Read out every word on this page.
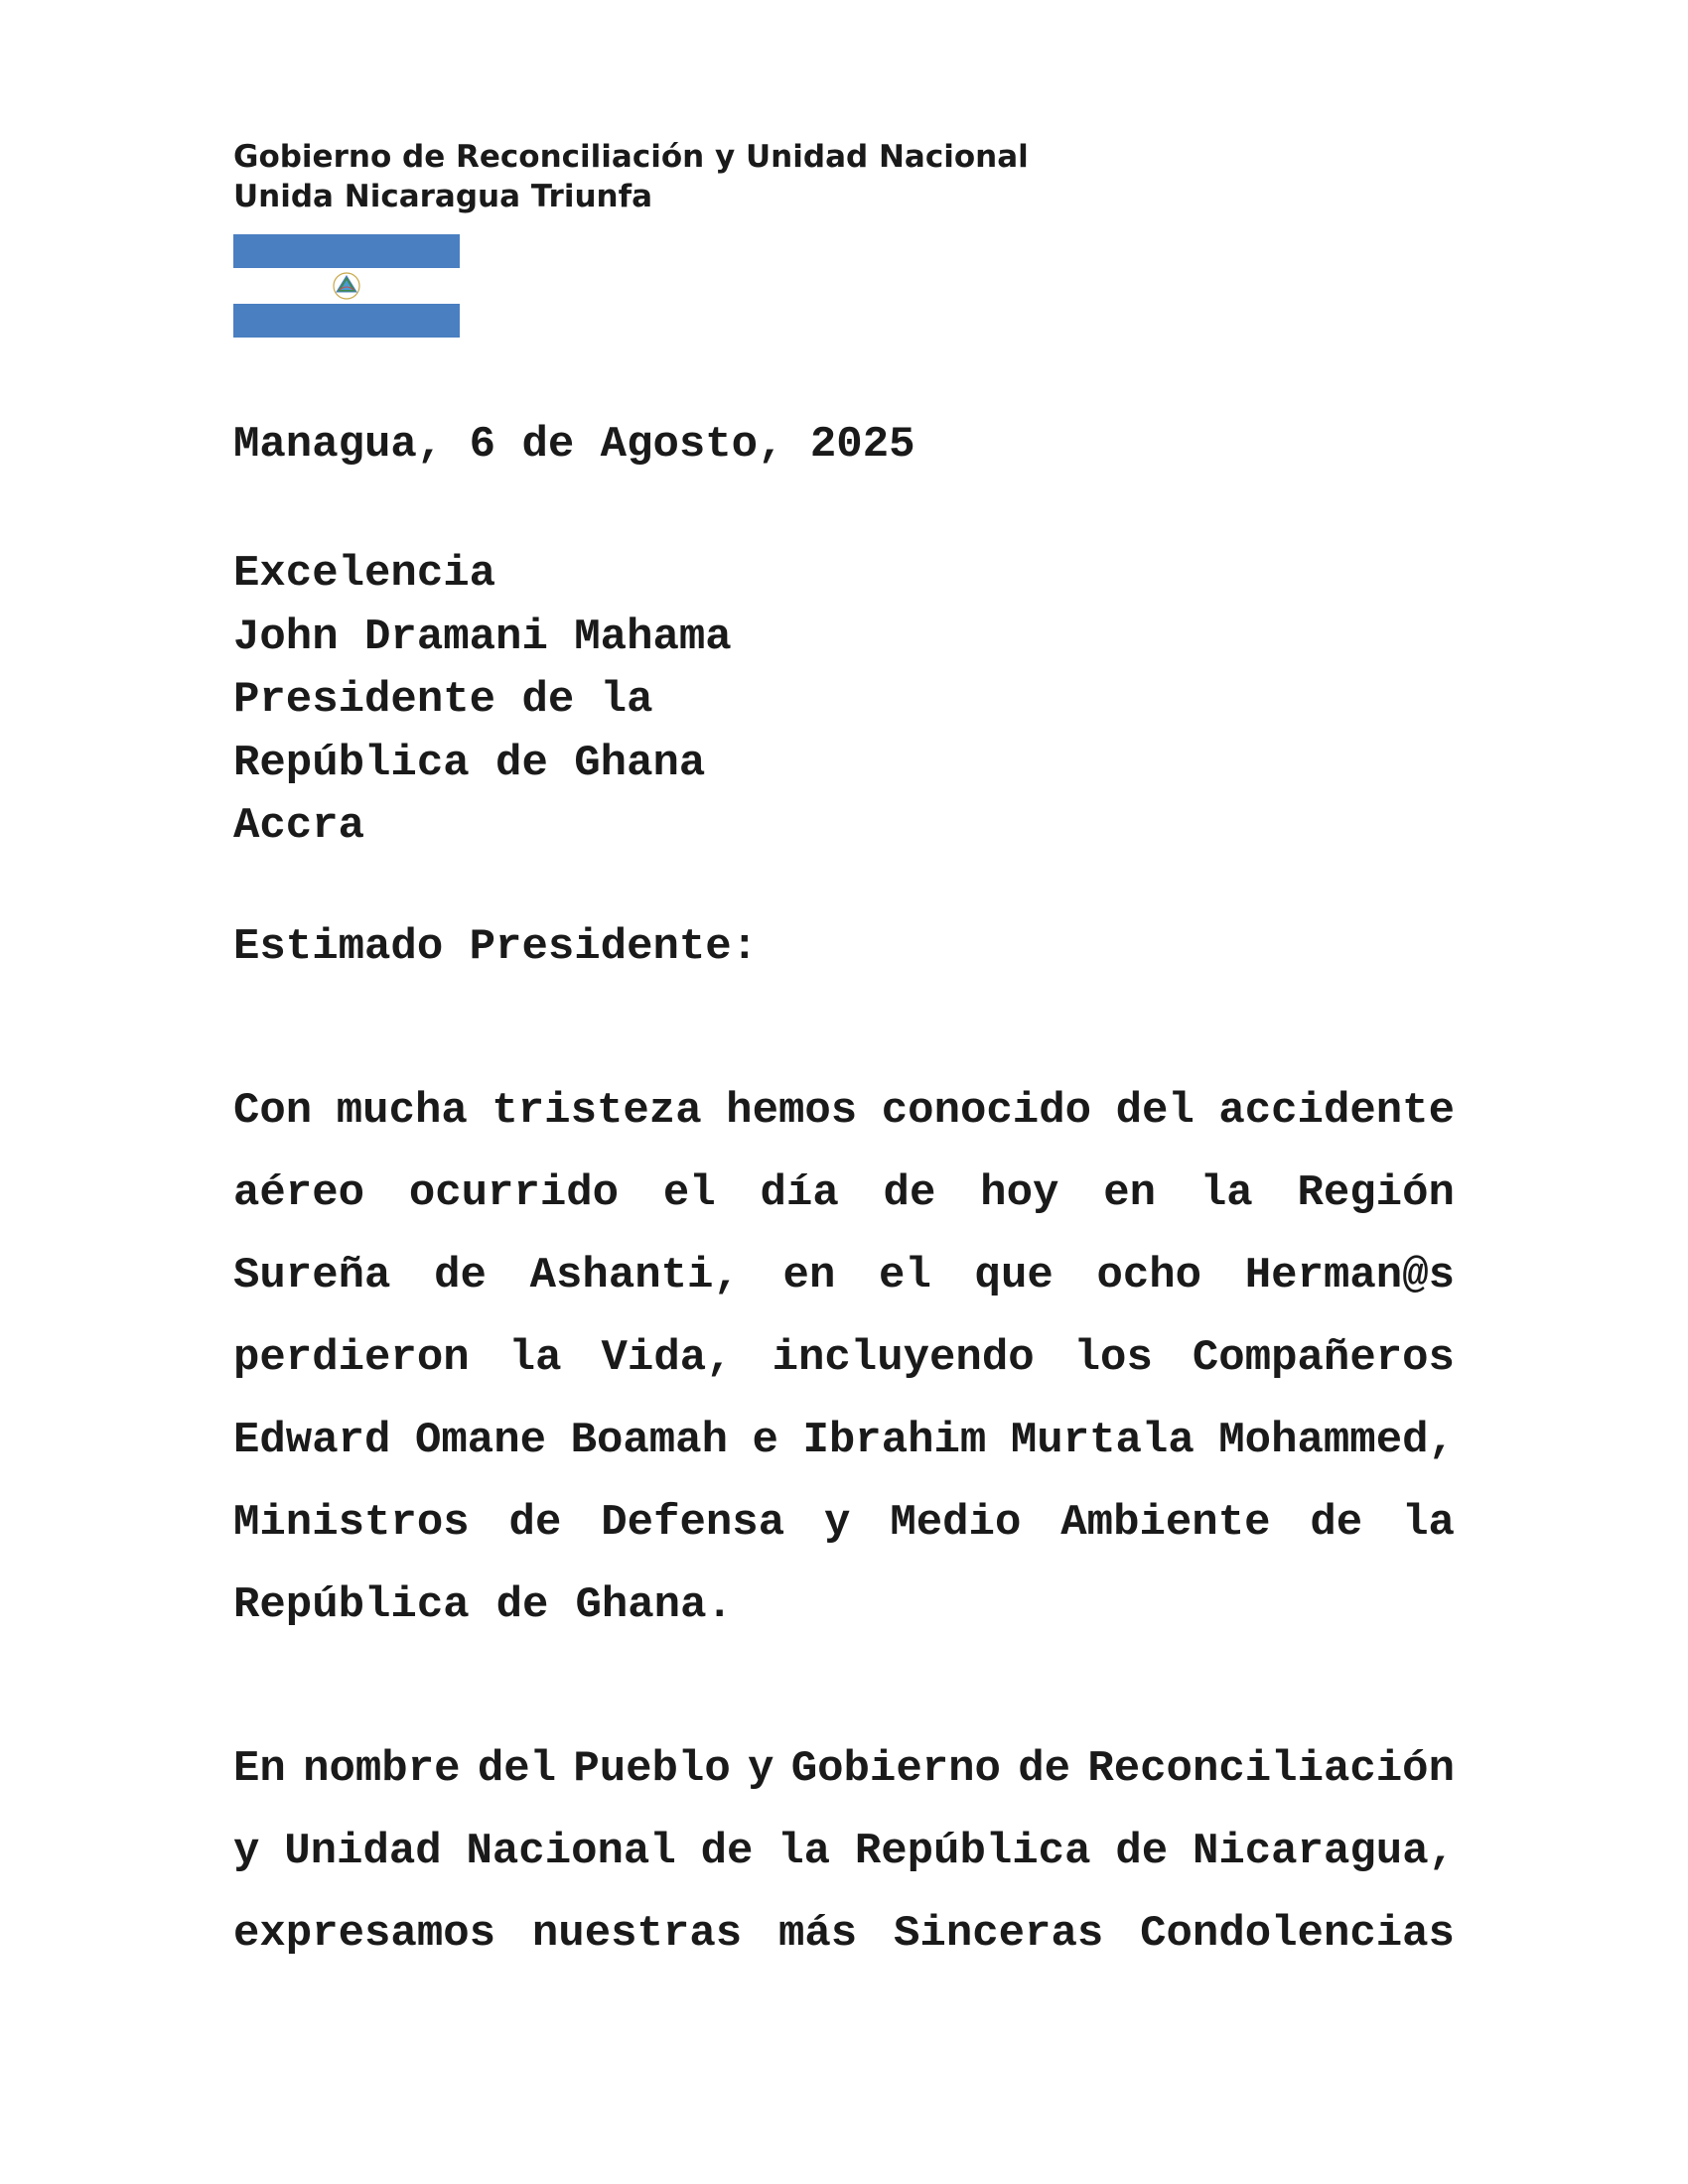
Gobierno de Reconciliación y Unidad Nacional
Unida Nicaragua Triunfa
Managua, 6 de Agosto, 2025
Excelencia
John Dramani Mahama
Presidente de la
República de Ghana
Accra
Estimado Presidente:
Con mucha tristeza hemos conocido del accidente
aéreo ocurrido el día de hoy en la Región
Sureña de Ashanti, en el que ocho Herman@s
perdieron la Vida, incluyendo los Compañeros
Edward Omane Boamah e Ibrahim Murtala Mohammed,
Ministros de Defensa y Medio Ambiente de la
República de Ghana.
En nombre del Pueblo y Gobierno de Reconciliación
y Unidad Nacional de la República de Nicaragua,
expresamos nuestras más Sinceras Condolencias
